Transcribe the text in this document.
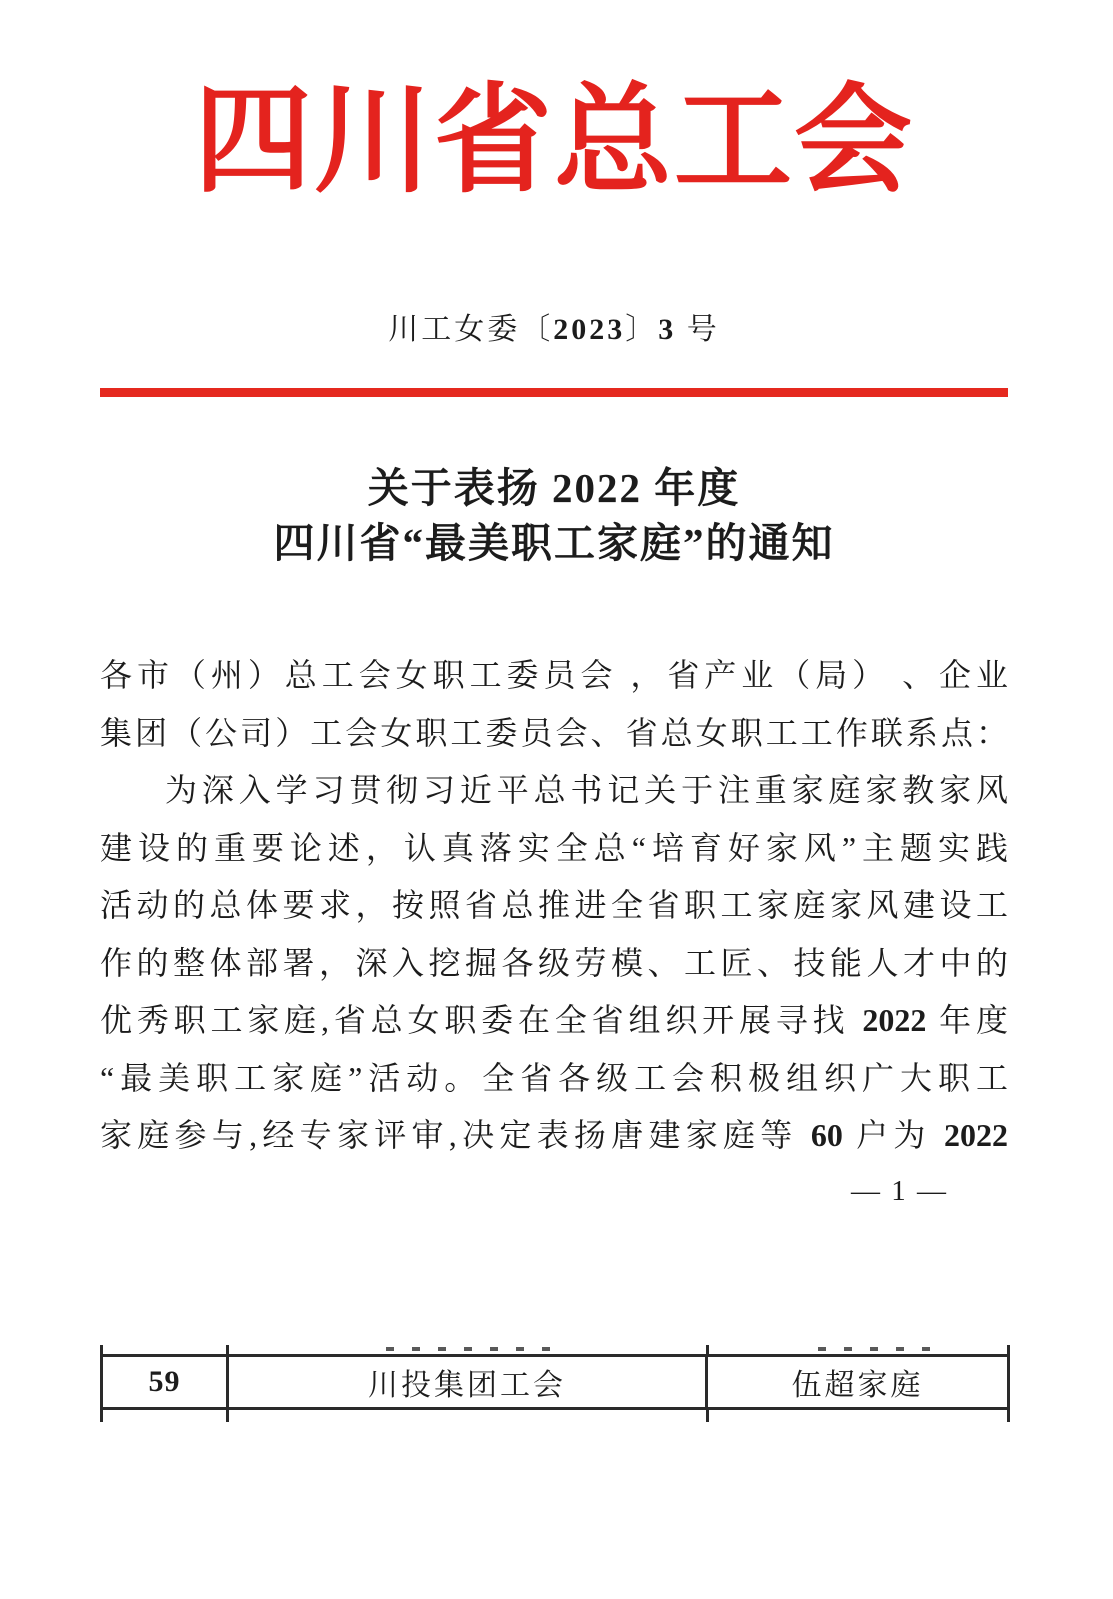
四川省总工会
川工女委〔2023〕3 号
关于表扬 2022 年度
四川省“最美职工家庭”的通知
各市（州）总工会女职工委员会 ，省产业（局） 、企业
集团（公司）工会女职工委员会、省总女职工工作联系点：
为深入学习贯彻习近平总书记关于注重家庭家教家风
建设的重要论述，认真落实全总“培育好家风”主题实践
活动的总体要求，按照省总推进全省职工家庭家风建设工
作的整体部署，深入挖掘各级劳模、工匠、技能人才中的
优秀职工家庭,省总女职委在全省组织开展寻找 2022 年度
“最美职工家庭”活动。全省各级工会积极组织广大职工
家庭参与,经专家评审,决定表扬唐建家庭等 60 户为 2022
— 1 —
59	川投集团工会	伍超家庭
